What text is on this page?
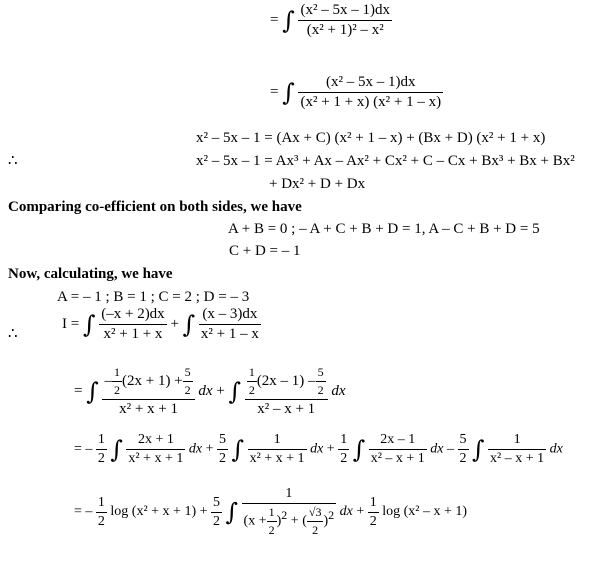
= ∫ $\frac{\text{(x² – 5x – 1)dx}}{\text{(x² + 1)² – x²}}$
= ∫ $\frac{\text{(x² – 5x – 1)dx}}{\text{(x² + 1 + x) (x² + 1 – x)}}$
x² – 5x – 1 = (Ax + C) (x² + 1 – x) + (Bx + D) (x² + 1 + x)
∴	x² – 5x – 1 = Ax³ + Ax – Ax² + Cx² + C – Cx + Bx³ + Bx + Bx²
+ Dx² + D + Dx
Comparing co-efficient on both sides, we have
A + B = 0 ; – A + C + B + D = 1, A – C + B + D = 5
C + D = – 1
Now, calculating, we have
A = – 1 ; B = 1 ; C = 2 ; D = – 3
∴
I = ∫ $\frac{(-x + 2)dx}{\text{x² + 1 + x}}$ + ∫ $\frac{(x - 3)dx}{\text{x² + 1 – x}}$
= ∫ $\frac{- \frac{1}{2} (2x + 1) + \frac{5}{2}}{\text{x² + x + 1}}$ dx + ∫ $\frac{\frac{1}{2} (2x - 1) - \frac{5}{2}}{\text{x² – x + 1}}$ dx
= – $\frac{1}{2}$ ∫ $\frac{2x + 1}{\text{x² + x + 1}}$ dx + $\frac{5}{2}$ ∫ $\frac{1}{\text{x² + x + 1}}$ dx + $\frac{1}{2}$ ∫ $\frac{2x - 1}{\text{x² – x + 1}}$ dx – $\frac{5}{2}$ ∫ $\frac{1}{\text{x² – x + 1}}$ dx
= – $\frac{1}{2}$ $\log (x^2 + x + 1) + \frac{5}{2}$ ∫ $\frac{1}{(x + \frac{1}{2} )^2 + ( \frac{√3}{2} )^2}$ dx + $\frac{1}{2}$ log (x² – x + 1)
